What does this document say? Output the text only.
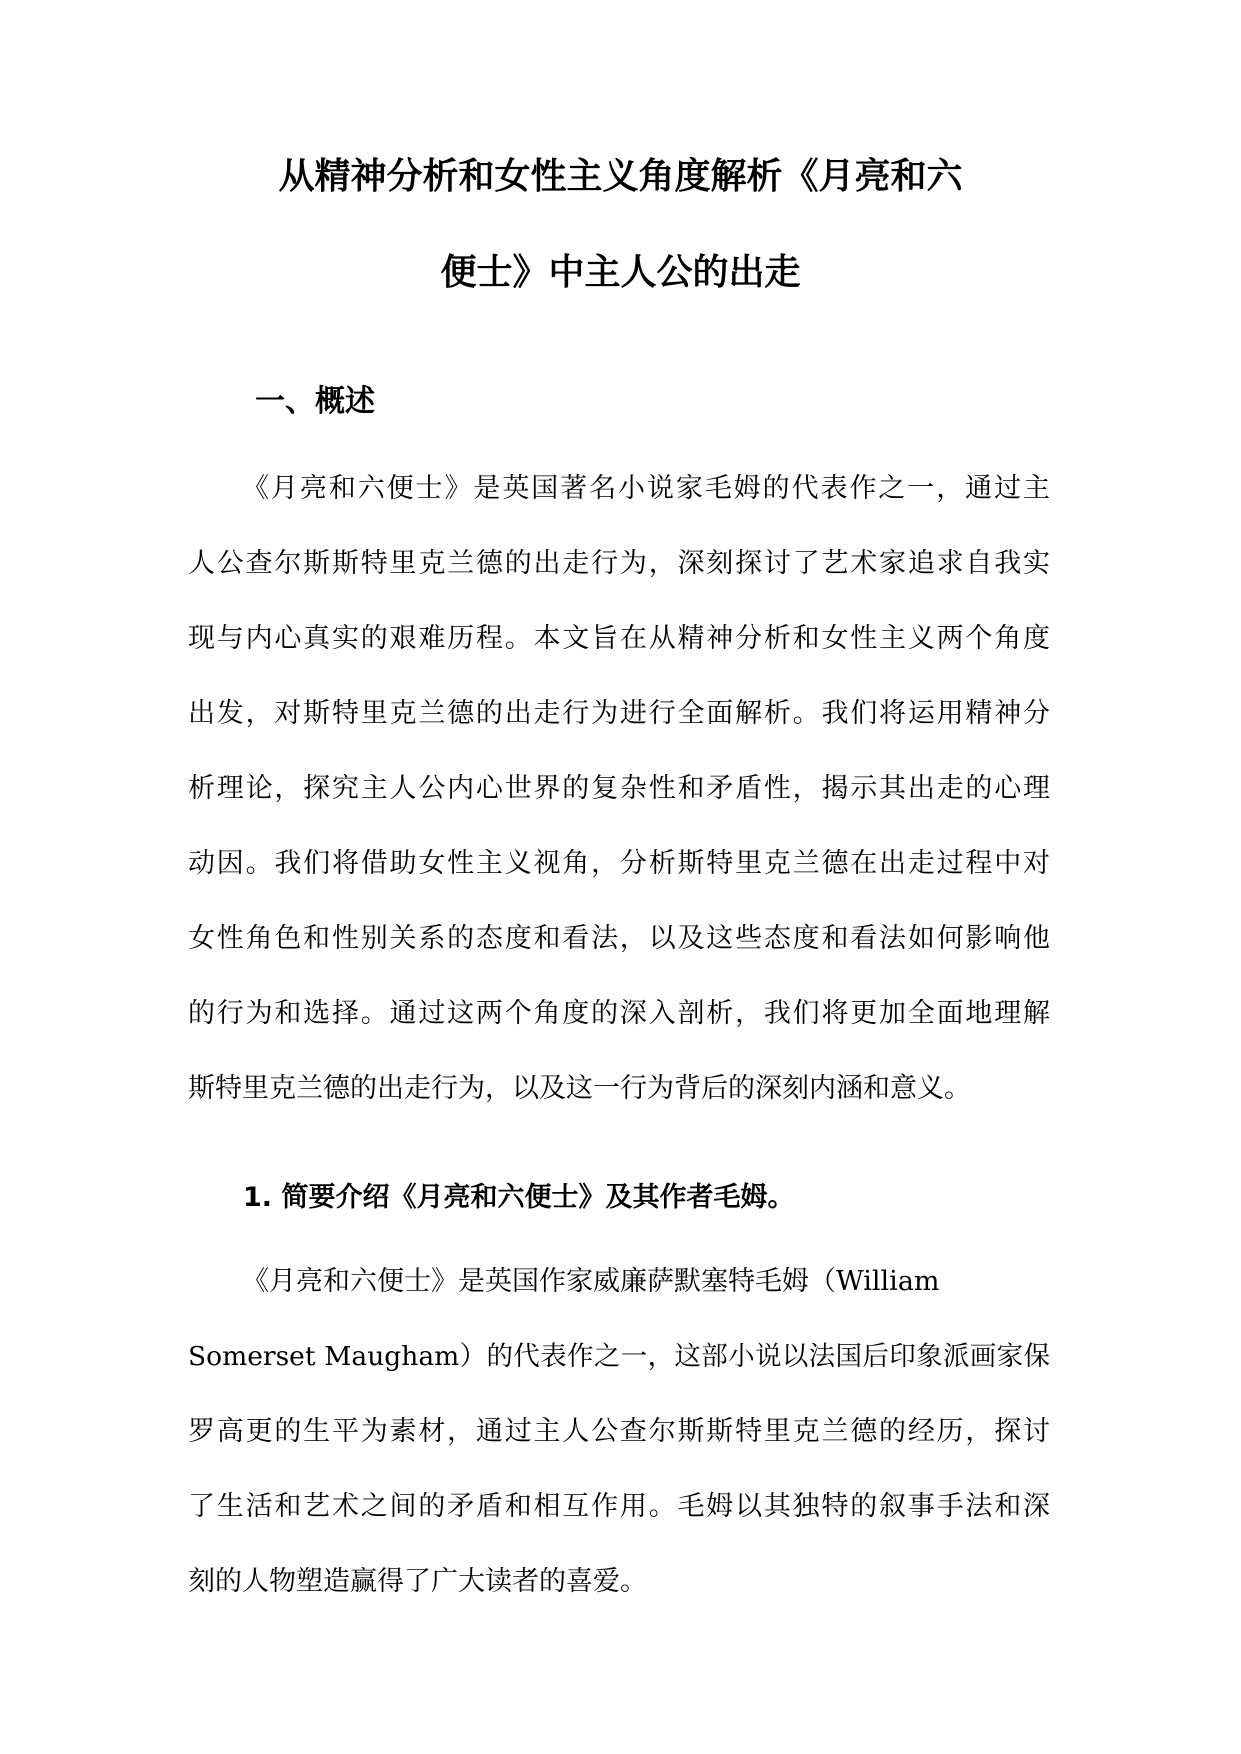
从精神分析和女性主义角度解析《月亮和六
便士》中主人公的出走
一、概述
《月亮和六便士》是英国著名小说家毛姆的代表作之一，通过主
人公查尔斯斯特里克兰德的出走行为，深刻探讨了艺术家追求自我实
现与内心真实的艰难历程。本文旨在从精神分析和女性主义两个角度
出发，对斯特里克兰德的出走行为进行全面解析。我们将运用精神分
析理论，探究主人公内心世界的复杂性和矛盾性，揭示其出走的心理
动因。我们将借助女性主义视角，分析斯特里克兰德在出走过程中对
女性角色和性别关系的态度和看法，以及这些态度和看法如何影响他
的行为和选择。通过这两个角度的深入剖析，我们将更加全面地理解
斯特里克兰德的出走行为，以及这一行为背后的深刻内涵和意义。
1. 简要介绍《月亮和六便士》及其作者毛姆。
《月亮和六便士》是英国作家威廉萨默塞特毛姆（William
Somerset Maugham）的代表作之一，这部小说以法国后印象派画家保
罗高更的生平为素材，通过主人公查尔斯斯特里克兰德的经历，探讨
了生活和艺术之间的矛盾和相互作用。毛姆以其独特的叙事手法和深
刻的人物塑造赢得了广大读者的喜爱。
